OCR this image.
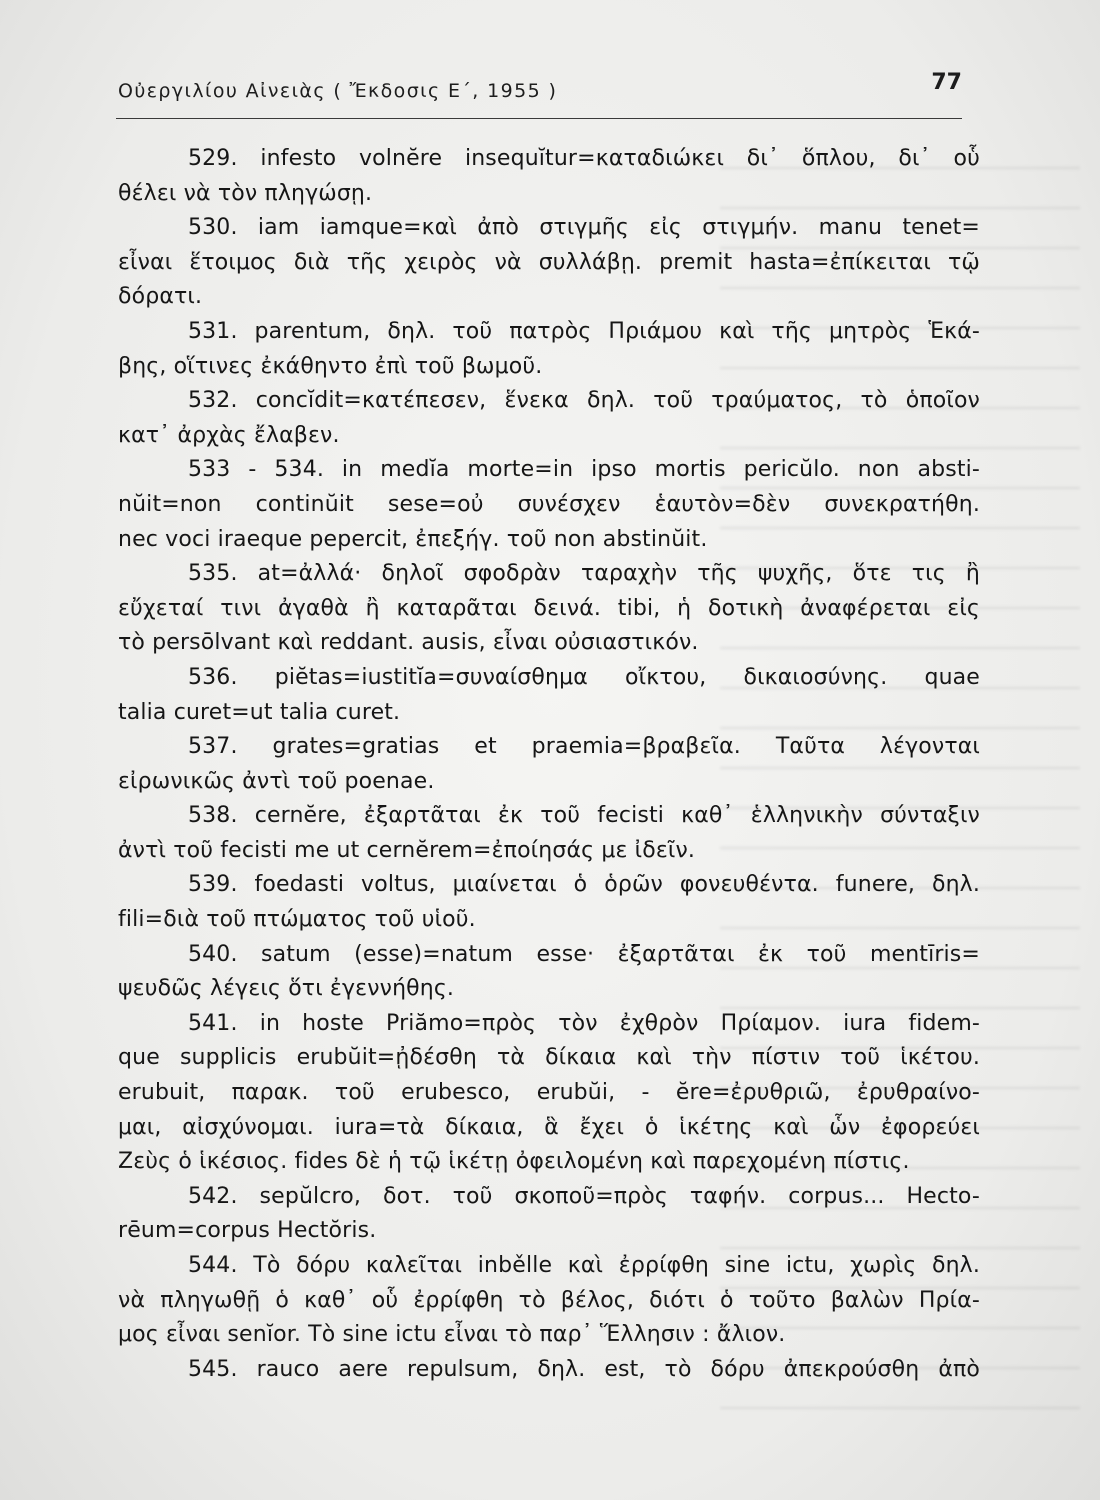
Οὐεργιλίου Αἰνειὰς ( Ἔκδοσις Ε΄, 1955 )	77
529. infesto volnĕre insequĭtur=καταδιώκει δι᾽ ὅπλου, δι᾽ οὗ
θέλει νὰ τὸν πληγώσῃ.
530. iam iamque=καὶ ἀπὸ στιγμῆς εἰς στιγμήν. manu tenet=
εἶναι ἕτοιμος διὰ τῆς χειρὸς νὰ συλλάβῃ. premit hasta=ἐπίκειται τῷ
δόρατι.
531. parentum, δηλ. τοῦ πατρὸς Πριάμου καὶ τῆς μητρὸς Ἑκά-
βης, οἵτινες ἐκάθηντο ἐπὶ τοῦ βωμοῦ.
532. concĭdit=κατέπεσεν, ἕνεκα δηλ. τοῦ τραύματος, τὸ ὁποῖον
κατ᾽ ἀρχὰς ἔλαβεν.
533 - 534. in medĭa morte=in ipso mortis pericŭlo. non absti-
nŭit=non continŭit sese=οὐ συνέσχεν ἑαυτὸν=δὲν συνεκρατήθη.
nec voci iraeque pepercit, ἐπεξήγ. τοῦ non abstinŭit.
535. at=ἀλλά· δηλοῖ σφοδρὰν ταραχὴν τῆς ψυχῆς, ὅτε τις ἢ
εὔχεταί τινι ἀγαθὰ ἢ καταρᾶται δεινά. tibi, ἡ δοτικὴ ἀναφέρεται εἰς
τὸ persōlvant καὶ reddant. ausis, εἶναι οὐσιαστικόν.
536. piĕtas=iustitĭa=συναίσθημα οἴκτου, δικαιοσύνης. quae
talia curet=ut talia curet.
537. grates=gratias et praemia=βραβεῖα. Ταῦτα λέγονται
εἰρωνικῶς ἀντὶ τοῦ poenae.
538. cernĕre, ἐξαρτᾶται ἐκ τοῦ fecisti καθ᾽ ἑλληνικὴν σύνταξιν
ἀντὶ τοῦ fecisti me ut cernĕrem=ἐποίησάς με ἰδεῖν.
539. foedasti voltus, μιαίνεται ὁ ὁρῶν φονευθέντα. funere, δηλ.
fili=διὰ τοῦ πτώματος τοῦ υἱοῦ.
540. satum (esse)=natum esse· ἐξαρτᾶται ἐκ τοῦ mentīris=
ψευδῶς λέγεις ὅτι ἐγεννήθης.
541. in hoste Priămo=πρὸς τὸν ἐχθρὸν Πρίαμον. iura fidem-
que supplicis erubŭit=ᾐδέσθη τὰ δίκαια καὶ τὴν πίστιν τοῦ ἱκέτου.
erubuit, παρακ. τοῦ erubesco, erubŭi, - ĕre=ἐρυθριῶ, ἐρυθραίνο-
μαι, αἰσχύνομαι. iura=τὰ δίκαια, ἃ ἔχει ὁ ἱκέτης καὶ ὧν ἐφορεύει
Ζεὺς ὁ ἱκέσιος. fides δὲ ἡ τῷ ἱκέτῃ ὀφειλομένη καὶ παρεχομένη πίστις.
542. sepŭlcro, δοτ. τοῦ σκοποῦ=πρὸς ταφήν. corpus... Hecto-
rēum=corpus Hectŏris.
544. Τὸ δόρυ καλεῖται inbělle καὶ ἐρρίφθη sine ictu, χωρὶς δηλ.
νὰ πληγωθῇ ὁ καθ᾽ οὗ ἐρρίφθη τὸ βέλος, διότι ὁ τοῦτο βαλὼν Πρία-
μος εἶναι senĭor. Τὸ sine ictu εἶναι τὸ παρ᾽ Ἕλλησιν : ἄλιον.
545. rauco aere repulsum, δηλ. est, τὸ δόρυ ἀπεκρούσθη ἀπὸ
